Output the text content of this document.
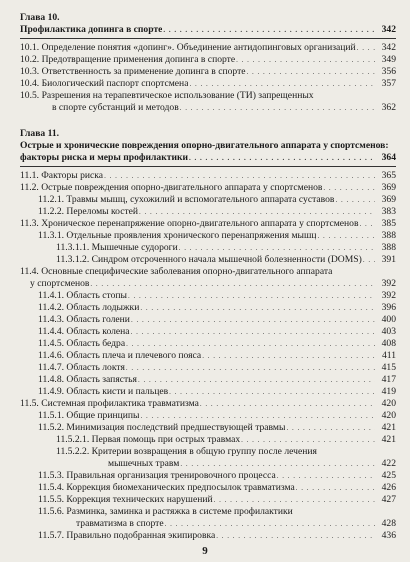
Глава 10.
Профилактика допинга в спорте . . .	342
10.1. Определение понятия «допинг». Объединение антидопинговых организаций . . .	342
10.2. Предотвращение применения допинга в спорте . . .	349
10.3. Ответственность за применение допинга в спорте . . .	356
10.4. Биологический паспорт спортсмена . . .	357
10.5. Разрешения на терапевтическое использование (ТИ) запрещенных
в спорте субстанций и методов . . .	362
Глава 11.
Острые и хронические повреждения опорно-двигательного аппарата у спортсменов:
факторы риска и меры профилактики . . .	364
11.1. Факторы риска . . .	365
11.2. Острые повреждения опорно-двигательного аппарата у спортсменов . . .	369
11.2.1. Травмы мышц, сухожилий и вспомогательного аппарата суставов . . .	369
11.2.2. Переломы костей . . .	383
11.3. Хроническое перенапряжение опорно-двигательного аппарата у спортсменов . . .	385
11.3.1. Отдельные проявления хронического перенапряжения мышц . . .	388
11.3.1.1. Мышечные судороги . . .	388
11.3.1.2. Синдром отсроченного начала мышечной болезненности (DOMS) . . .	391
11.4. Основные специфические заболевания опорно-двигательного аппарата
у спортсменов . . .	392
11.4.1. Область стопы . . .	392
11.4.2. Область лодыжки . . .	396
11.4.3. Область голени . . .	400
11.4.4. Область колена . . .	403
11.4.5. Область бедра . . .	408
11.4.6. Область плеча и плечевого пояса . . .	411
11.4.7. Область локтя . . .	415
11.4.8. Область запястья . . .	417
11.4.9. Область кисти и пальцев . . .	419
11.5. Системная профилактика травматизма . . .	420
11.5.1. Общие принципы . . .	420
11.5.2. Минимизация последствий предшествующей травмы . . .	421
11.5.2.1. Первая помощь при острых травмах . . .	421
11.5.2.2. Критерии возвращения в общую группу после лечения
мышечных травм . . .	422
11.5.3. Правильная организация тренировочного процесса . . .	425
11.5.4. Коррекция биомеханических предпосылок травматизма . . .	426
11.5.5. Коррекция технических нарушений . . .	427
11.5.6. Разминка, заминка и растяжка в системе профилактики
травматизма в спорте . . .	428
11.5.7. Правильно подобранная экипировка . . .	436
9
